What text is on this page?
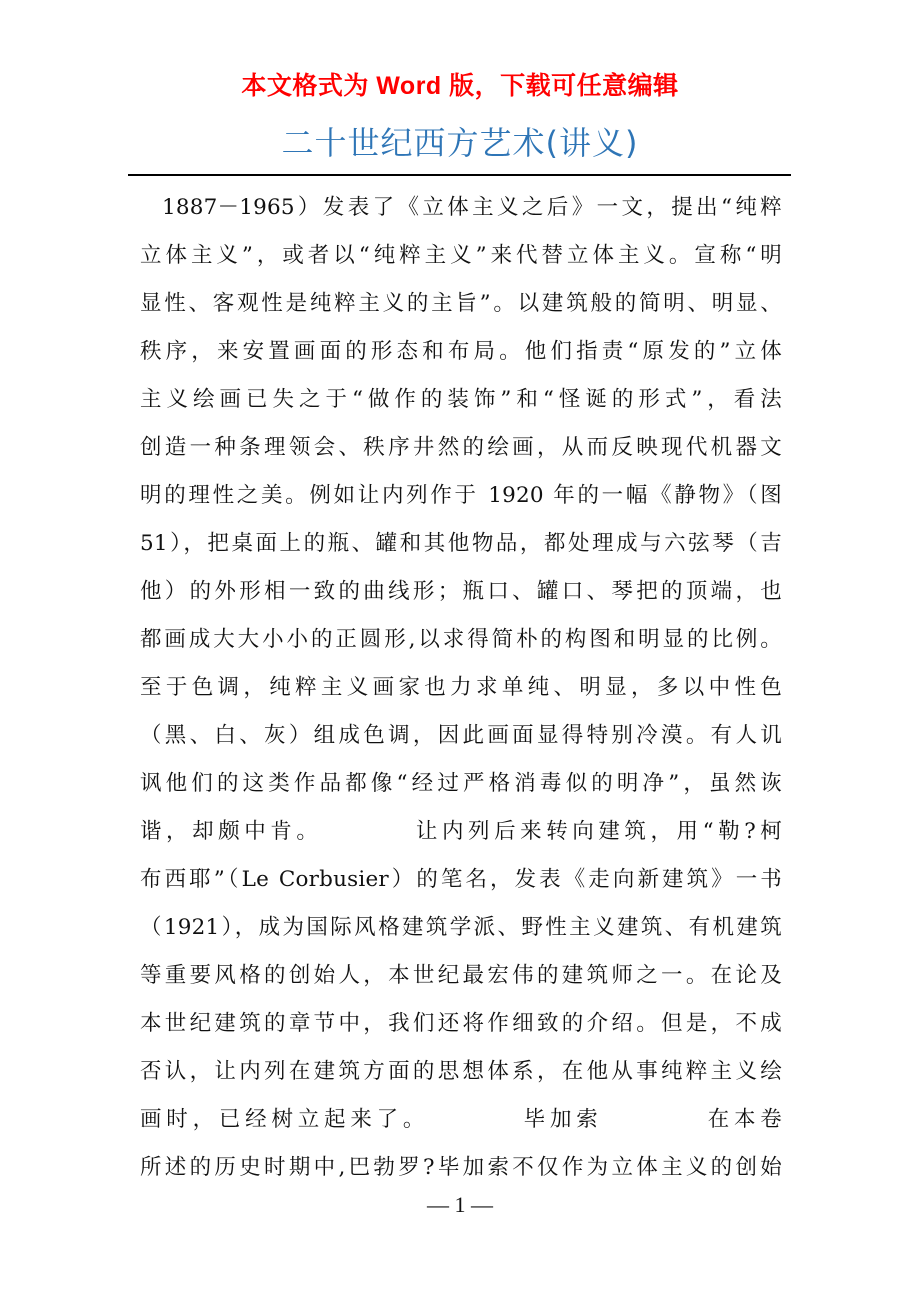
本文格式为 Word 版，下载可任意编辑
二十世纪西方艺术(讲义)
1887－1965）发表了《立体主义之后》一文，提出“纯粹
立体主义”，或者以“纯粹主义”来代替立体主义。宣称“明
显性、客观性是纯粹主义的主旨”。以建筑般的简明、明显、
秩序，来安置画面的形态和布局。他们指责“原发的”立体
主义绘画已失之于“做作的装饰”和“怪诞的形式”，看法
创造一种条理领会、秩序井然的绘画，从而反映现代机器文
明的理性之美。例如让内列作于 1920 年的一幅《静物》（图
51），把桌面上的瓶、罐和其他物品，都处理成与六弦琴（吉
他）的外形相一致的曲线形；瓶口、罐口、琴把的顶端，也
都画成大大小小的正圆形,以求得简朴的构图和明显的比例。
至于色调，纯粹主义画家也力求单纯、明显，多以中性色
（黑、白、灰）组成色调，因此画面显得特别冷漠。有人讥
讽他们的这类作品都像“经过严格消毒似的明净”，虽然诙
谐，却颇中肯。　　　　让内列后来转向建筑，用“勒?柯
布西耶”（Le Corbusier）的笔名，发表《走向新建筑》一书
（1921），成为国际风格建筑学派、野性主义建筑、有机建筑
等重要风格的创始人，本世纪最宏伟的建筑师之一。在论及
本世纪建筑的章节中，我们还将作细致的介绍。但是，不成
否认，让内列在建筑方面的思想体系，在他从事纯粹主义绘
画时，已经树立起来了。　　　　毕加索　　　　在本卷
所述的历史时期中,巴勃罗?毕加索不仅作为立体主义的创始
— 1 —
